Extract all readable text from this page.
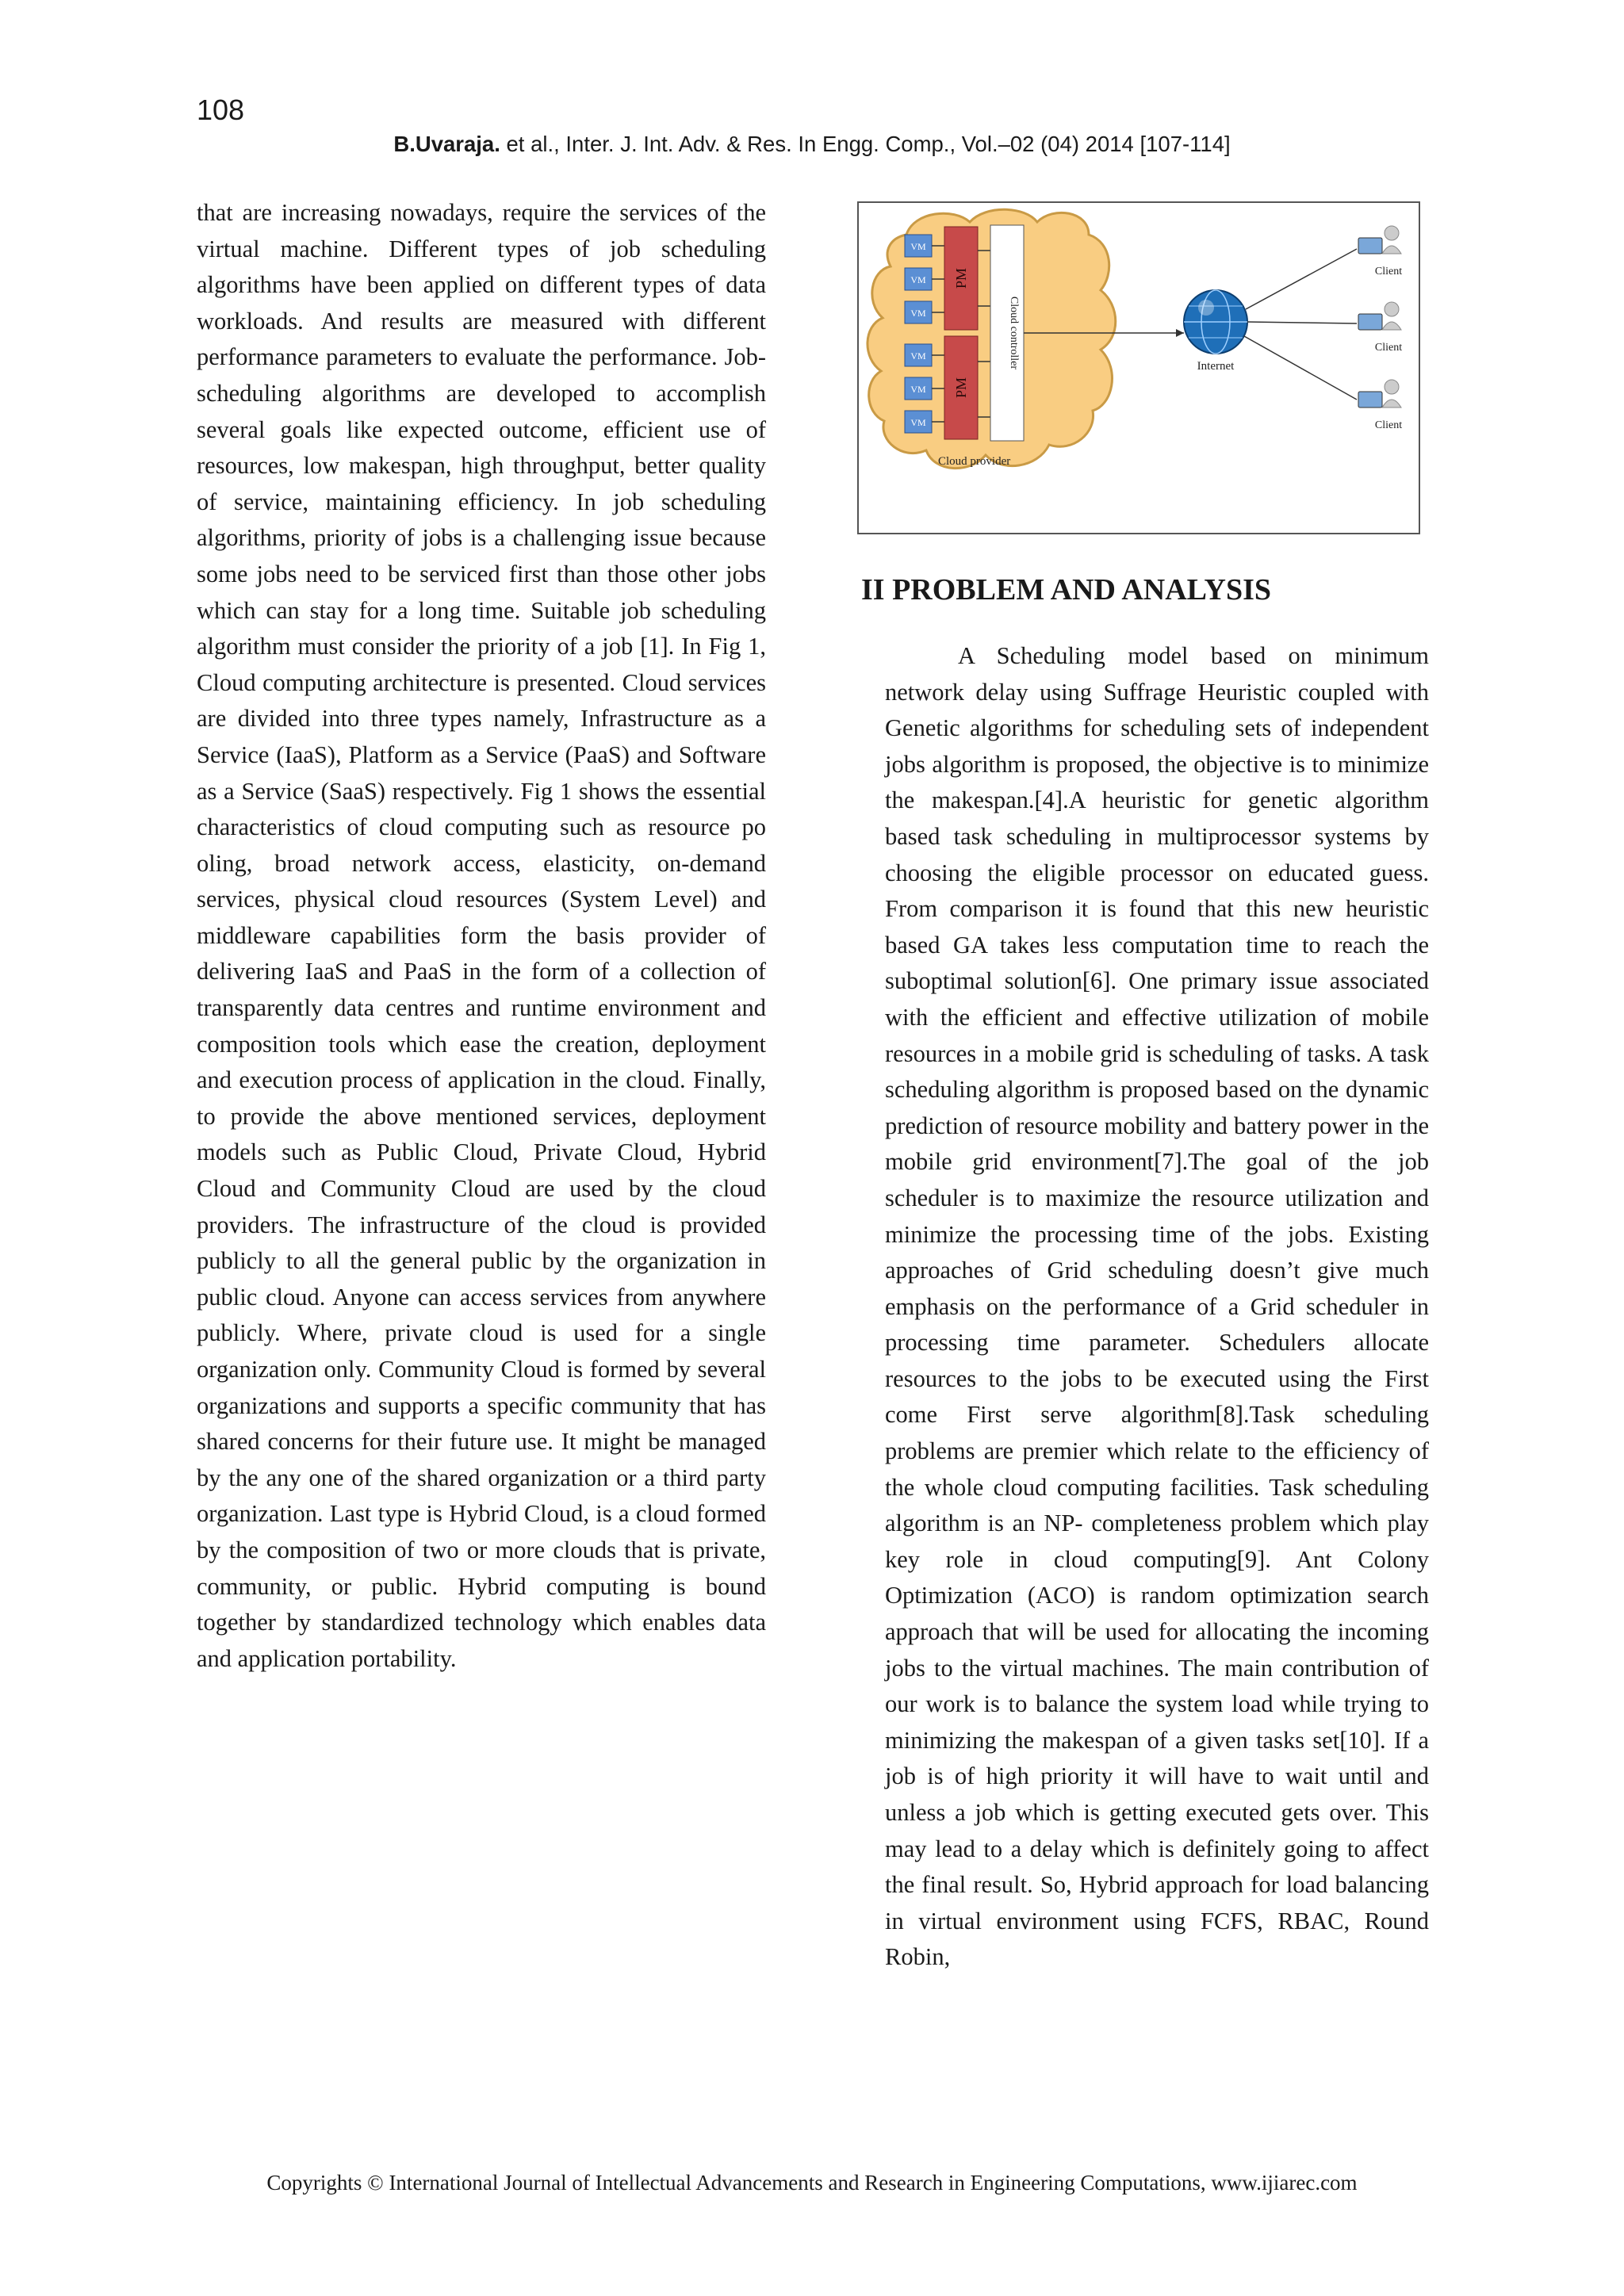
108
B.Uvaraja. et al., Inter. J. Int. Adv. & Res. In Engg. Comp., Vol.–02 (04) 2014 [107-114]

that are increasing nowadays, require the services of the virtual machine. Different types of job scheduling algorithms have been applied on different types of data workloads. And results are measured with different performance parameters to evaluate the performance. Job-scheduling algorithms are developed to accomplish several goals like expected outcome, efficient use of resources, low makespan, high throughput, better quality of service, maintaining efficiency. In job scheduling algorithms, priority of jobs is a challenging issue because some jobs need to be serviced first than those other jobs which can stay for a long time. Suitable job scheduling algorithm must consider the priority of a job [1]. In Fig 1, Cloud computing architecture is presented. Cloud services are divided into three types namely, Infrastructure as a Service (IaaS), Platform as a Service (PaaS) and Software as a Service (SaaS) respectively. Fig 1 shows the essential characteristics of cloud computing such as resource po oling, broad network access, elasticity, on-demand services, physical cloud resources (System Level) and middleware capabilities form the basis provider of delivering IaaS and PaaS in the form of a collection of transparently data centres and runtime environment and composition tools which ease the creation, deployment and execution process of application in the cloud. Finally, to provide the above mentioned services, deployment models such as Public Cloud, Private Cloud, Hybrid Cloud and Community Cloud are used by the cloud providers. The infrastructure of the cloud is provided publicly to all the general public by the organization in public cloud. Anyone can access services from anywhere publicly. Where, private cloud is used for a single organization only. Community Cloud is formed by several organizations and supports a specific community that has shared concerns for their future use. It might be managed by the any one of the shared organization or a third party organization. Last type is Hybrid Cloud, is a cloud formed by the composition of two or more clouds that is private, community, or public. Hybrid computing is bound together by standardized technology which enables data and application portability.

VM
VM
VM
VM
VM
VM
PM
PM
Cloud controller
Cloud provider
Internet
Client
Client
Client
II PROBLEM AND ANALYSIS

A Scheduling model based on minimum network delay using Suffrage Heuristic coupled with Genetic algorithms for scheduling sets of independent jobs algorithm is proposed, the objective is to minimize the makespan.[4].A heuristic for genetic algorithm based task scheduling in multiprocessor systems by choosing the eligible processor on educated guess. From comparison it is found that this new heuristic based GA takes less computation time to reach the suboptimal solution[6]. One primary issue associated with the efficient and effective utilization of mobile resources in a mobile grid is scheduling of tasks. A task scheduling algorithm is proposed based on the dynamic prediction of resource mobility and battery power in the mobile grid environment[7].The goal of the job scheduler is to maximize the resource utilization and minimize the processing time of the jobs. Existing approaches of Grid scheduling doesn’t give much emphasis on the performance of a Grid scheduler in processing time parameter. Schedulers allocate resources to the jobs to be executed using the First come First serve algorithm[8].Task scheduling problems are premier which relate to the efficiency of the whole cloud computing facilities. Task scheduling algorithm is an NP- completeness problem which play key role in cloud computing[9]. Ant Colony Optimization (ACO) is random optimization search approach that will be used for allocating the incoming jobs to the virtual machines. The main contribution of our work is to balance the system load while trying to minimizing the makespan of a given tasks set[10]. If a job is of high priority it will have to wait until and unless a job which is getting executed gets over. This may lead to a delay which is definitely going to affect the final result. So, Hybrid approach for load balancing in virtual environment using FCFS, RBAC, Round Robin,

Copyrights © International Journal of Intellectual Advancements and Research in Engineering Computations, www.ijiarec.com
